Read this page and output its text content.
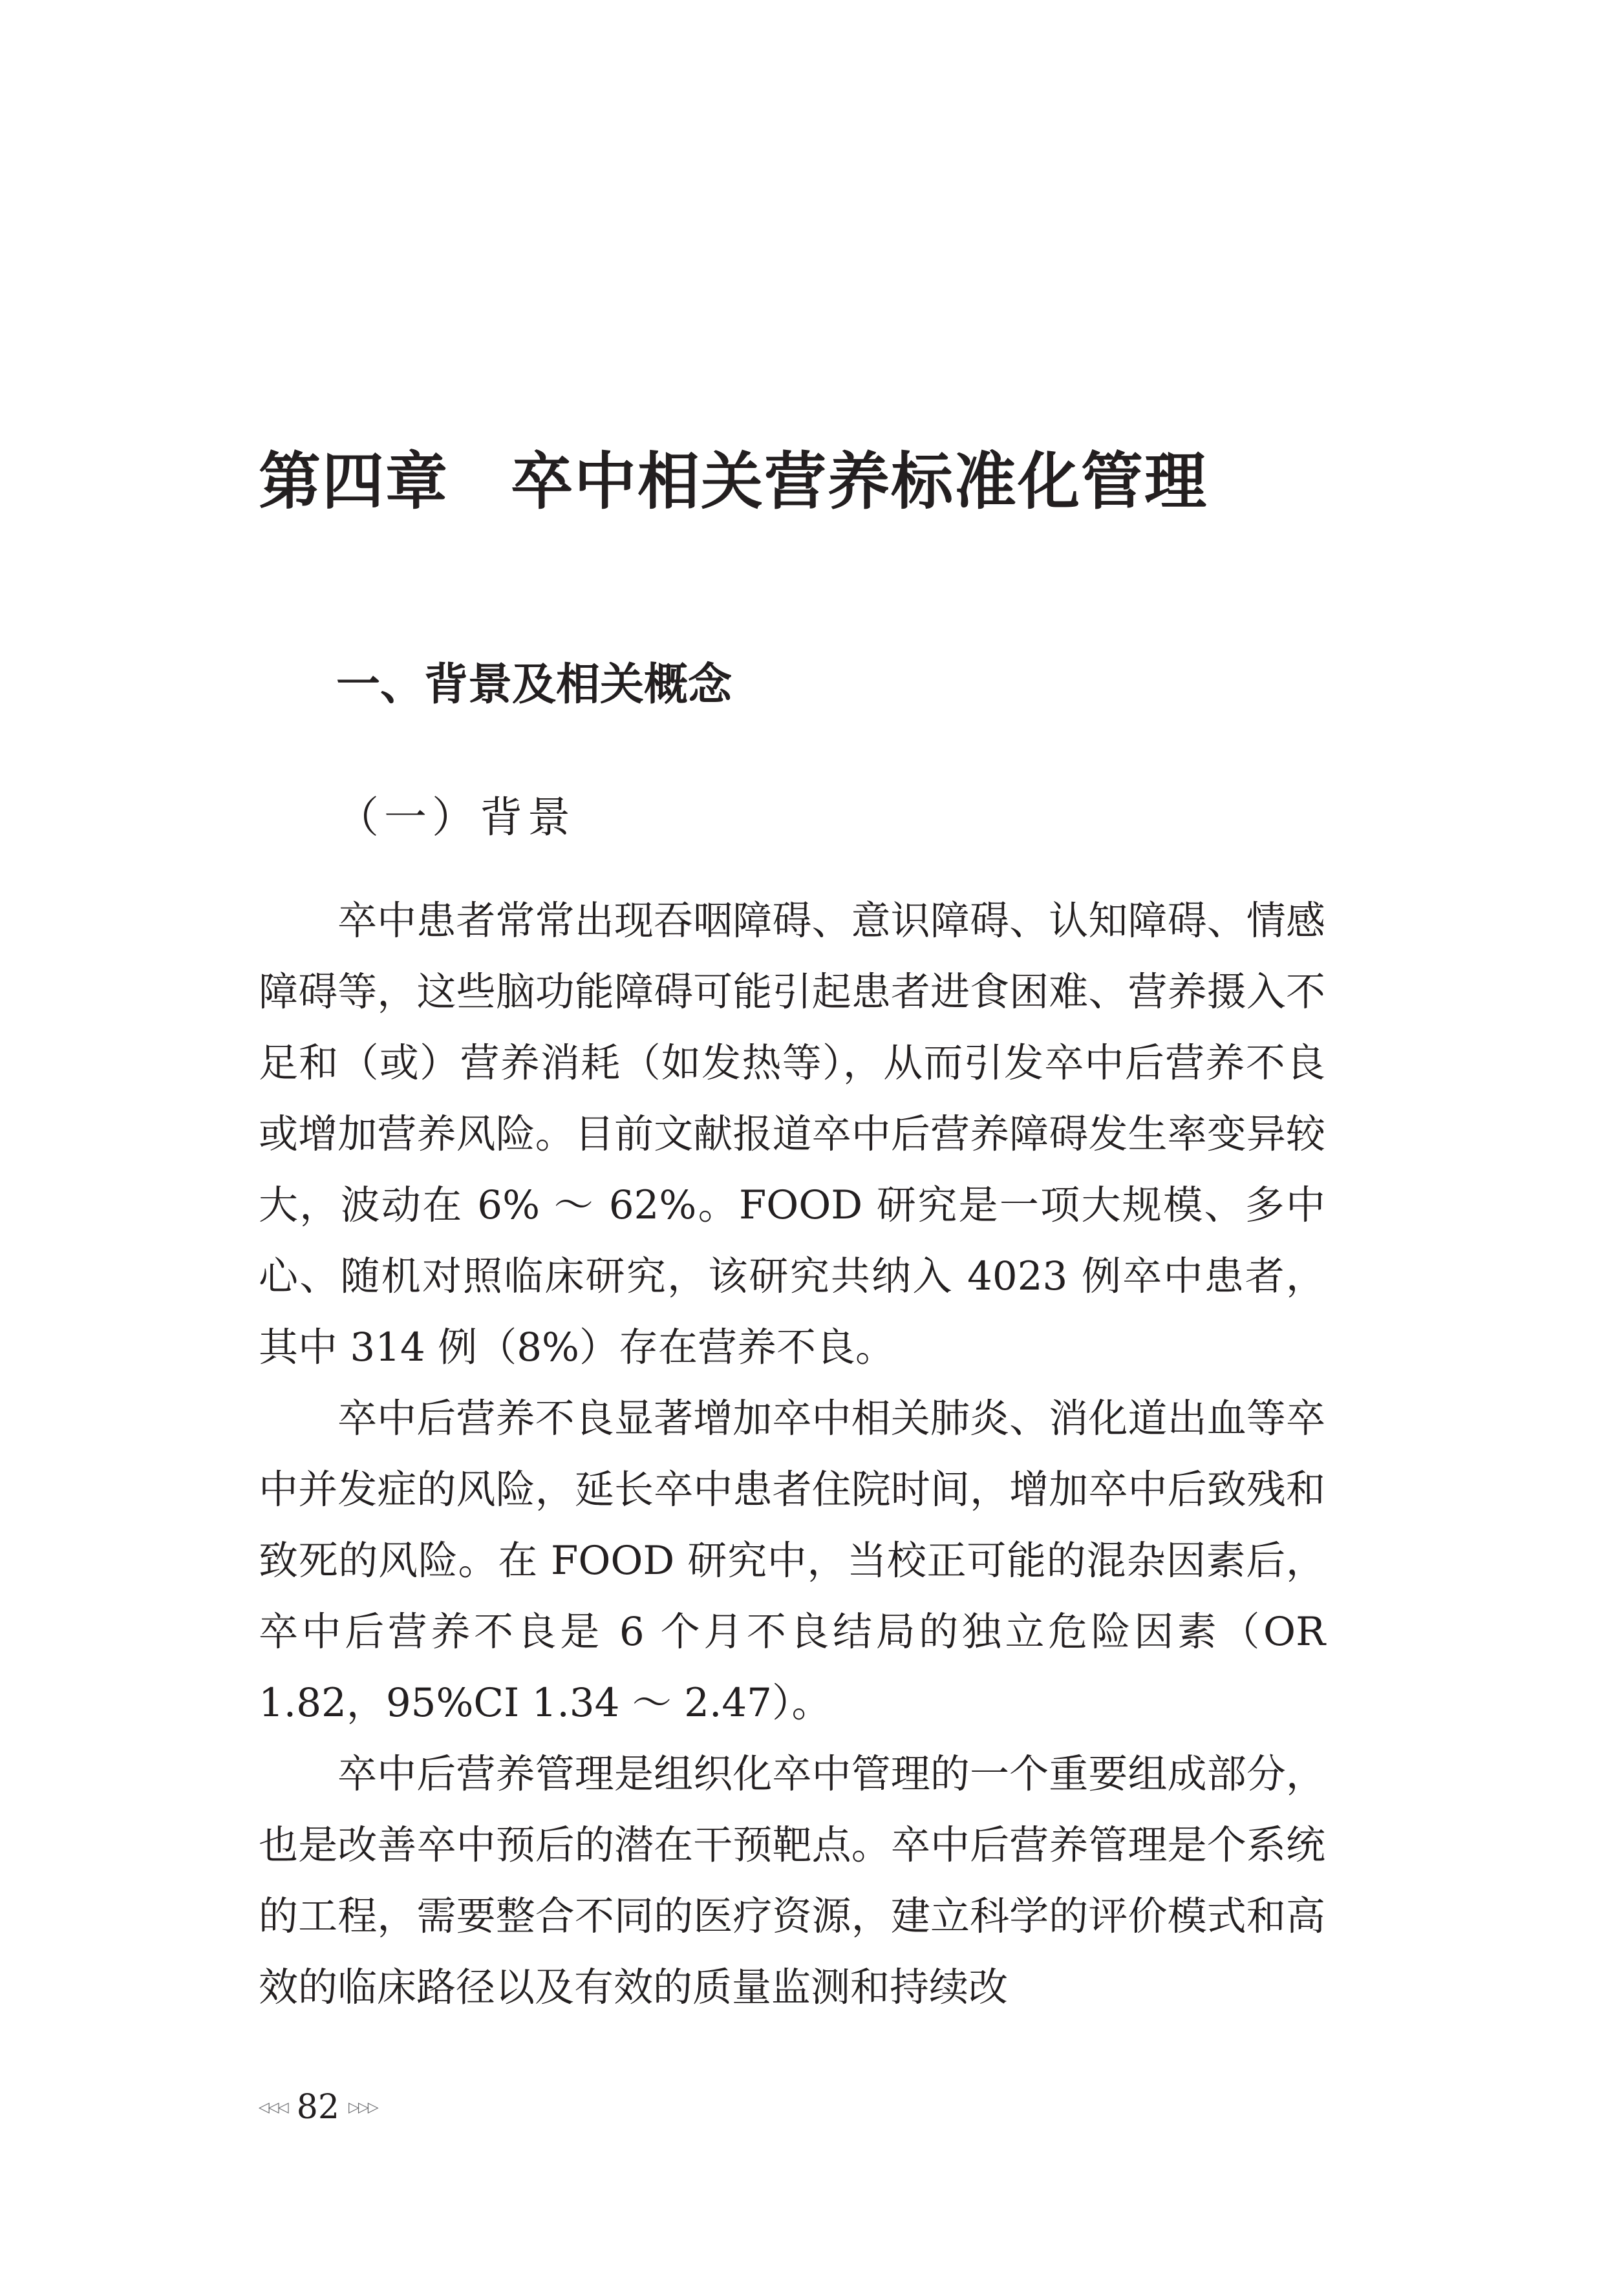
第四章 卒中相关营养标准化管理
一、背景及相关概念
（一）背景

卒中患者常常出现吞咽障碍、意识障碍、认知障碍、情感障碍等，这些脑功能障碍可能引起患者进食困难、营养摄入不足和（或）营养消耗（如发热等），从而引发卒中后营养不良或增加营养风险。目前文献报道卒中后营养障碍发生率变异较大，波动在 6% ～ 62%。FOOD 研究是一项大规模、多中心、随机对照临床研究，该研究共纳入 4023 例卒中患者，其中 314 例（8%）存在营养不良。

卒中后营养不良显著增加卒中相关肺炎、消化道出血等卒中并发症的风险，延长卒中患者住院时间，增加卒中后致残和致死的风险。在 FOOD 研究中，当校正可能的混杂因素后，卒中后营养不良是 6 个月不良结局的独立危险因素（OR 1.82，95%CI 1.34 ～ 2.47）。

卒中后营养管理是组织化卒中管理的一个重要组成部分，也是改善卒中预后的潜在干预靶点。卒中后营养管理是个系统的工程，需要整合不同的医疗资源，建立科学的评价模式和高效的临床路径以及有效的质量监测和持续改

◁◁◁ 82 ▷▷▷
